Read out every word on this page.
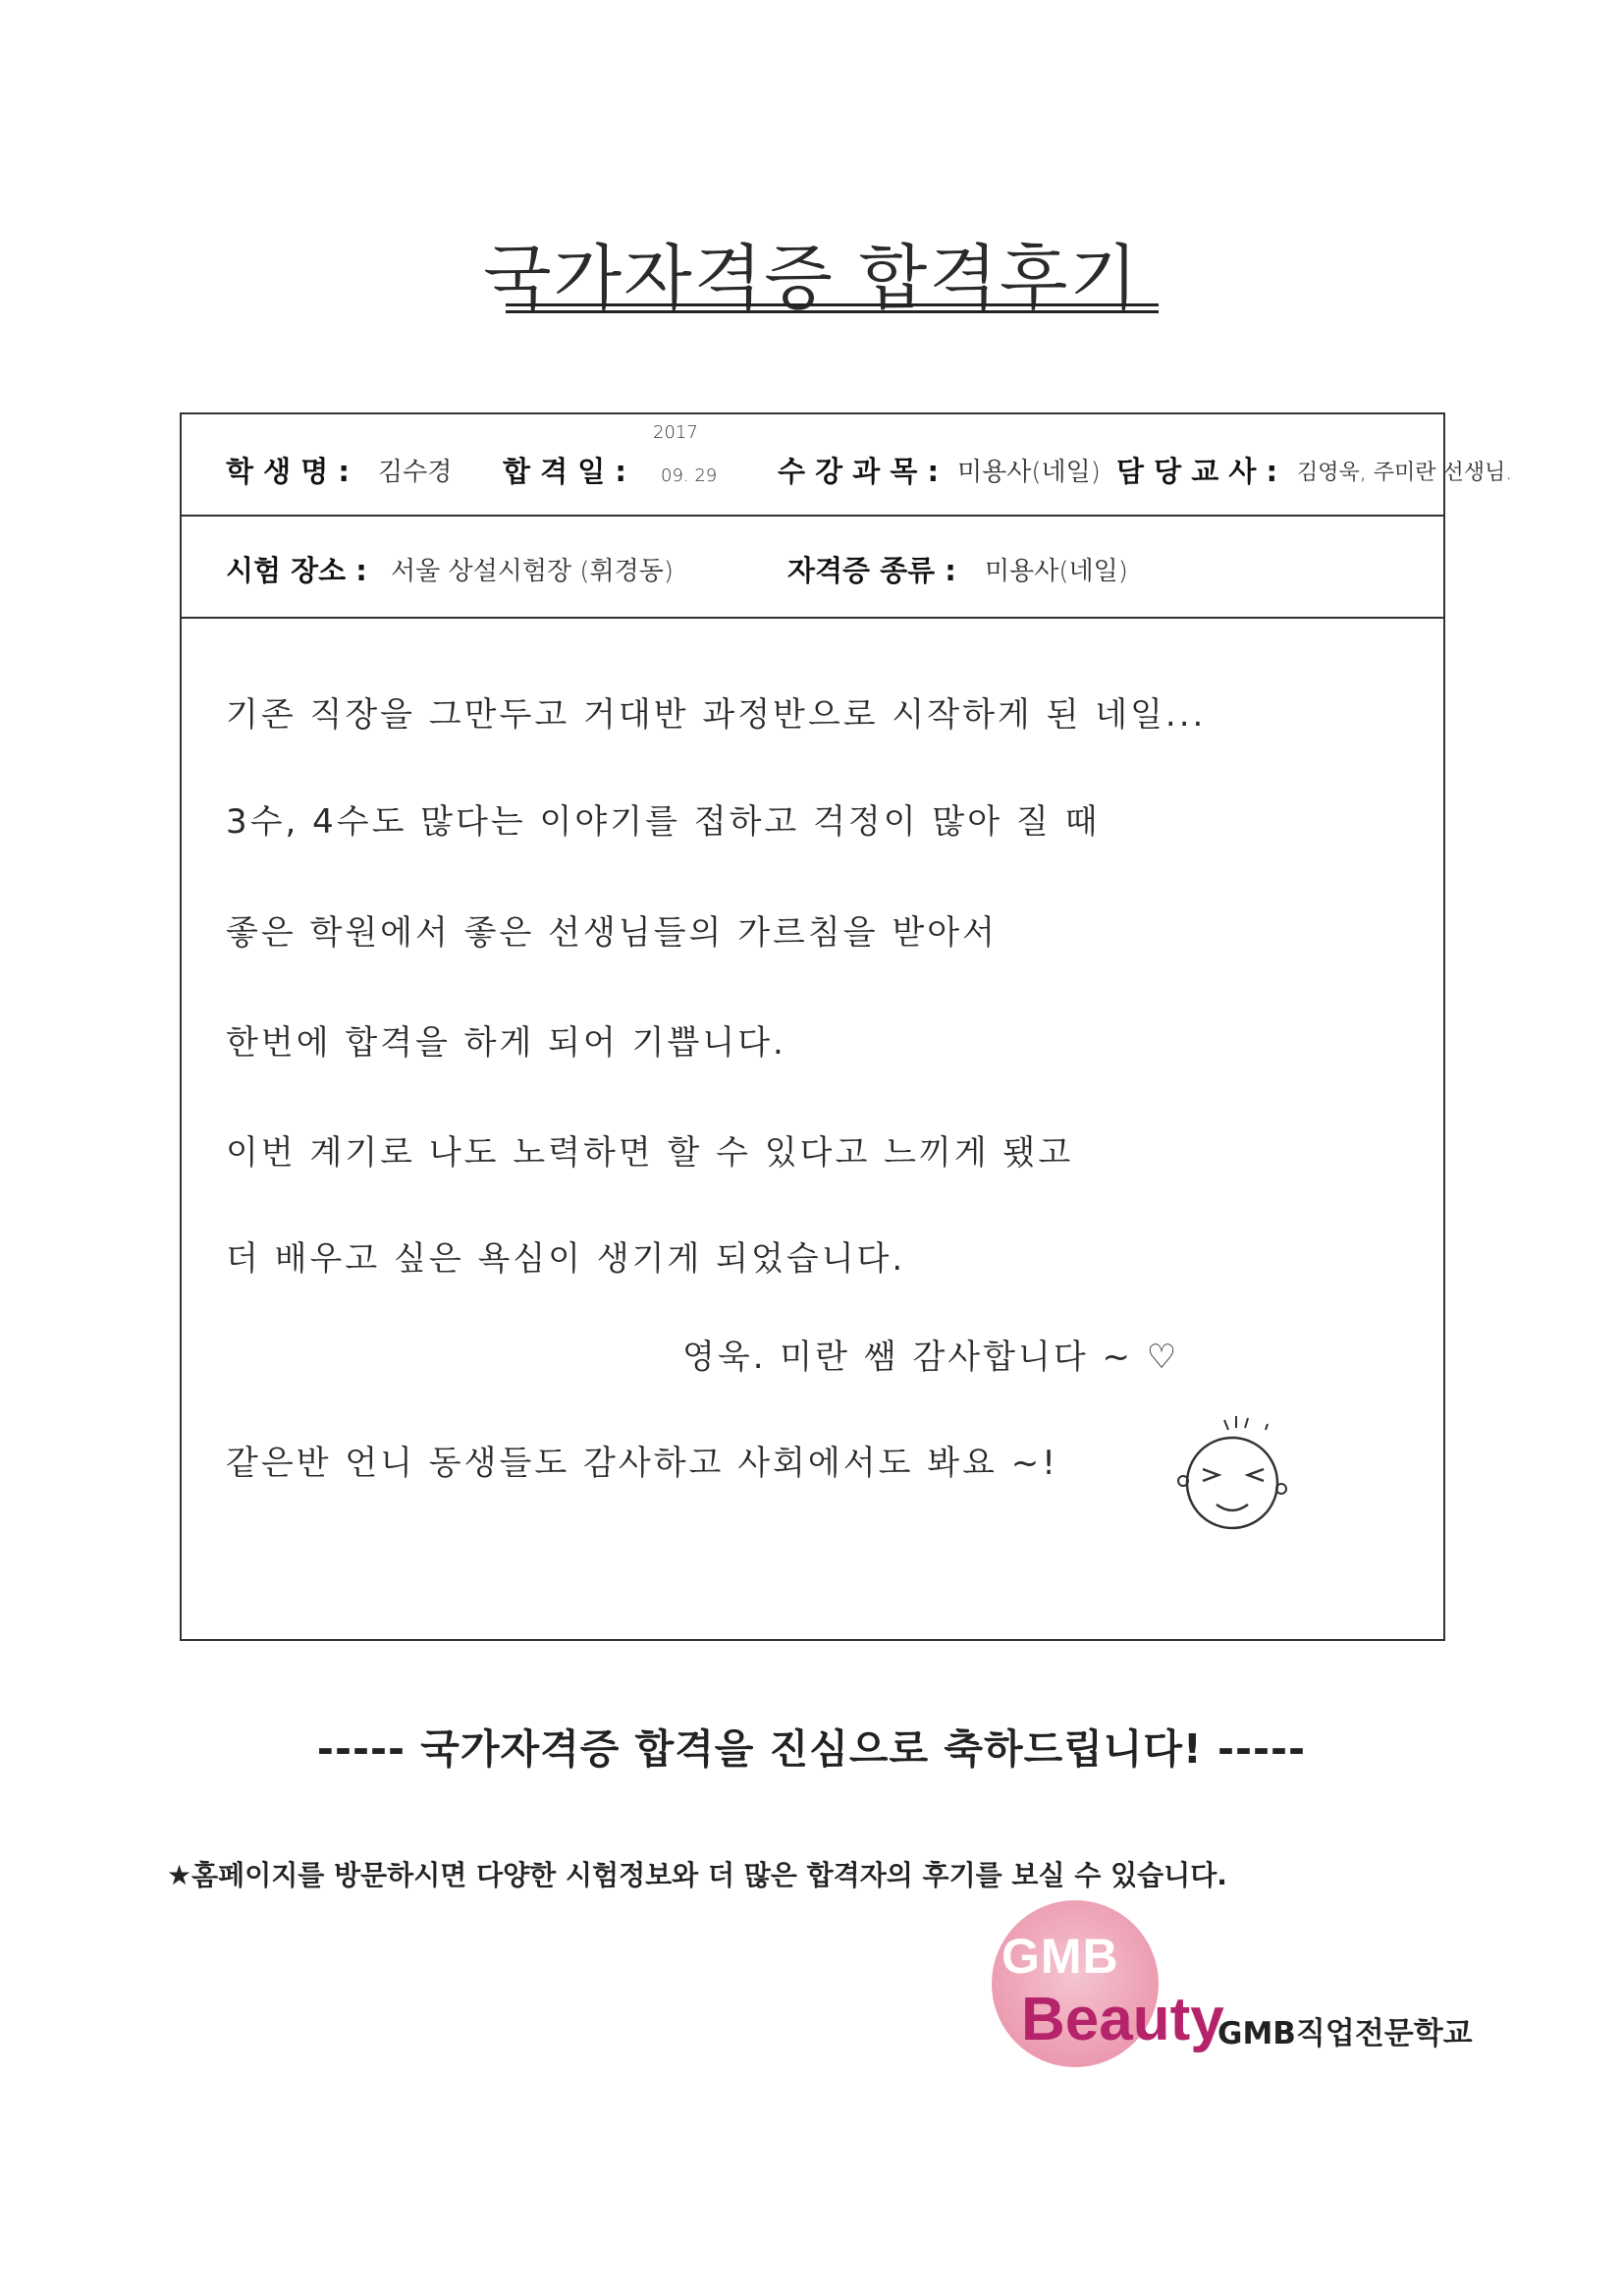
국가자격증 합격후기
학 생 명 : 김수경 합 격 일 :
2017
09. 29 수 강 과 목 : 미용사(네일) 담 당 교 사 : 김영욱, 주미란 선생님.
시험 장소 : 서울 상설시험장 (휘경동)	자격증 종류 : 미용사(네일)
기존 직장을 그만두고 거대반 과정반으로 시작하게 된 네일...
3수, 4수도 많다는 이야기를 접하고 걱정이 많아 질 때
좋은 학원에서 좋은 선생님들의 가르침을 받아서
한번에 합격을 하게 되어 기쁩니다.
이번 계기로 나도 노력하면 할 수 있다고 느끼게 됐고
더 배우고 싶은 욕심이 생기게 되었습니다.
영욱. 미란 쌤 감사합니다 ~ ♡
같은반 언니 동생들도 감사하고 사회에서도 봐요 ~!
----- 국가자격증 합격을 진심으로 축하드립니다! -----
★홈페이지를 방문하시면 다양한 시험정보와 더 많은 합격자의 후기를 보실 수 있습니다.
GMB
Beauty
GMB직업전문학교
